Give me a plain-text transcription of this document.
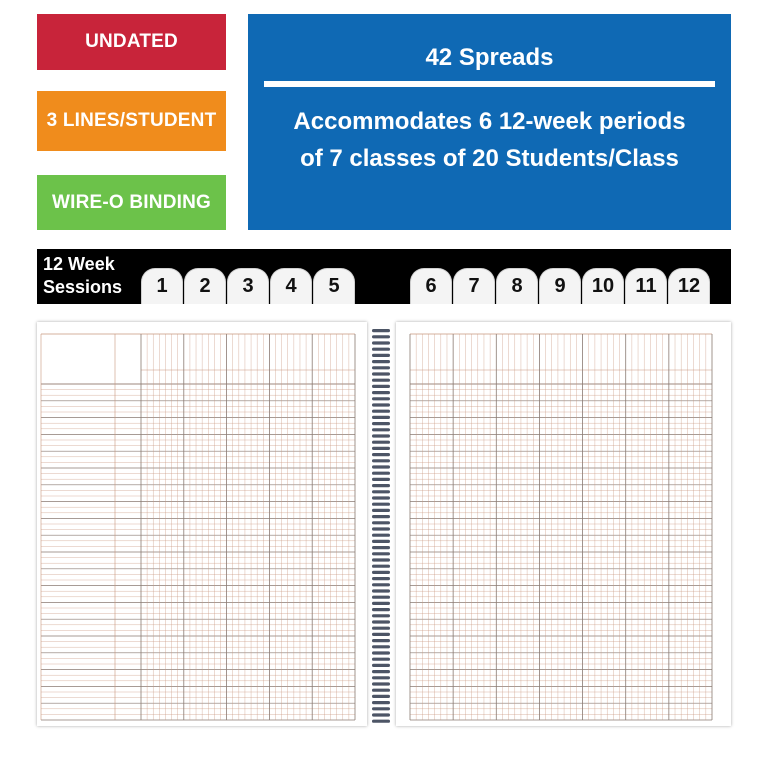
UNDATED
3 LINES/STUDENT
WIRE-O BINDING
42 Spreads
Accommodates 6 12-week periods
of 7 classes of 20 Students/Class
12 Week
Sessions	1	2	3	4	5	6	7	8	9	10	11	12
